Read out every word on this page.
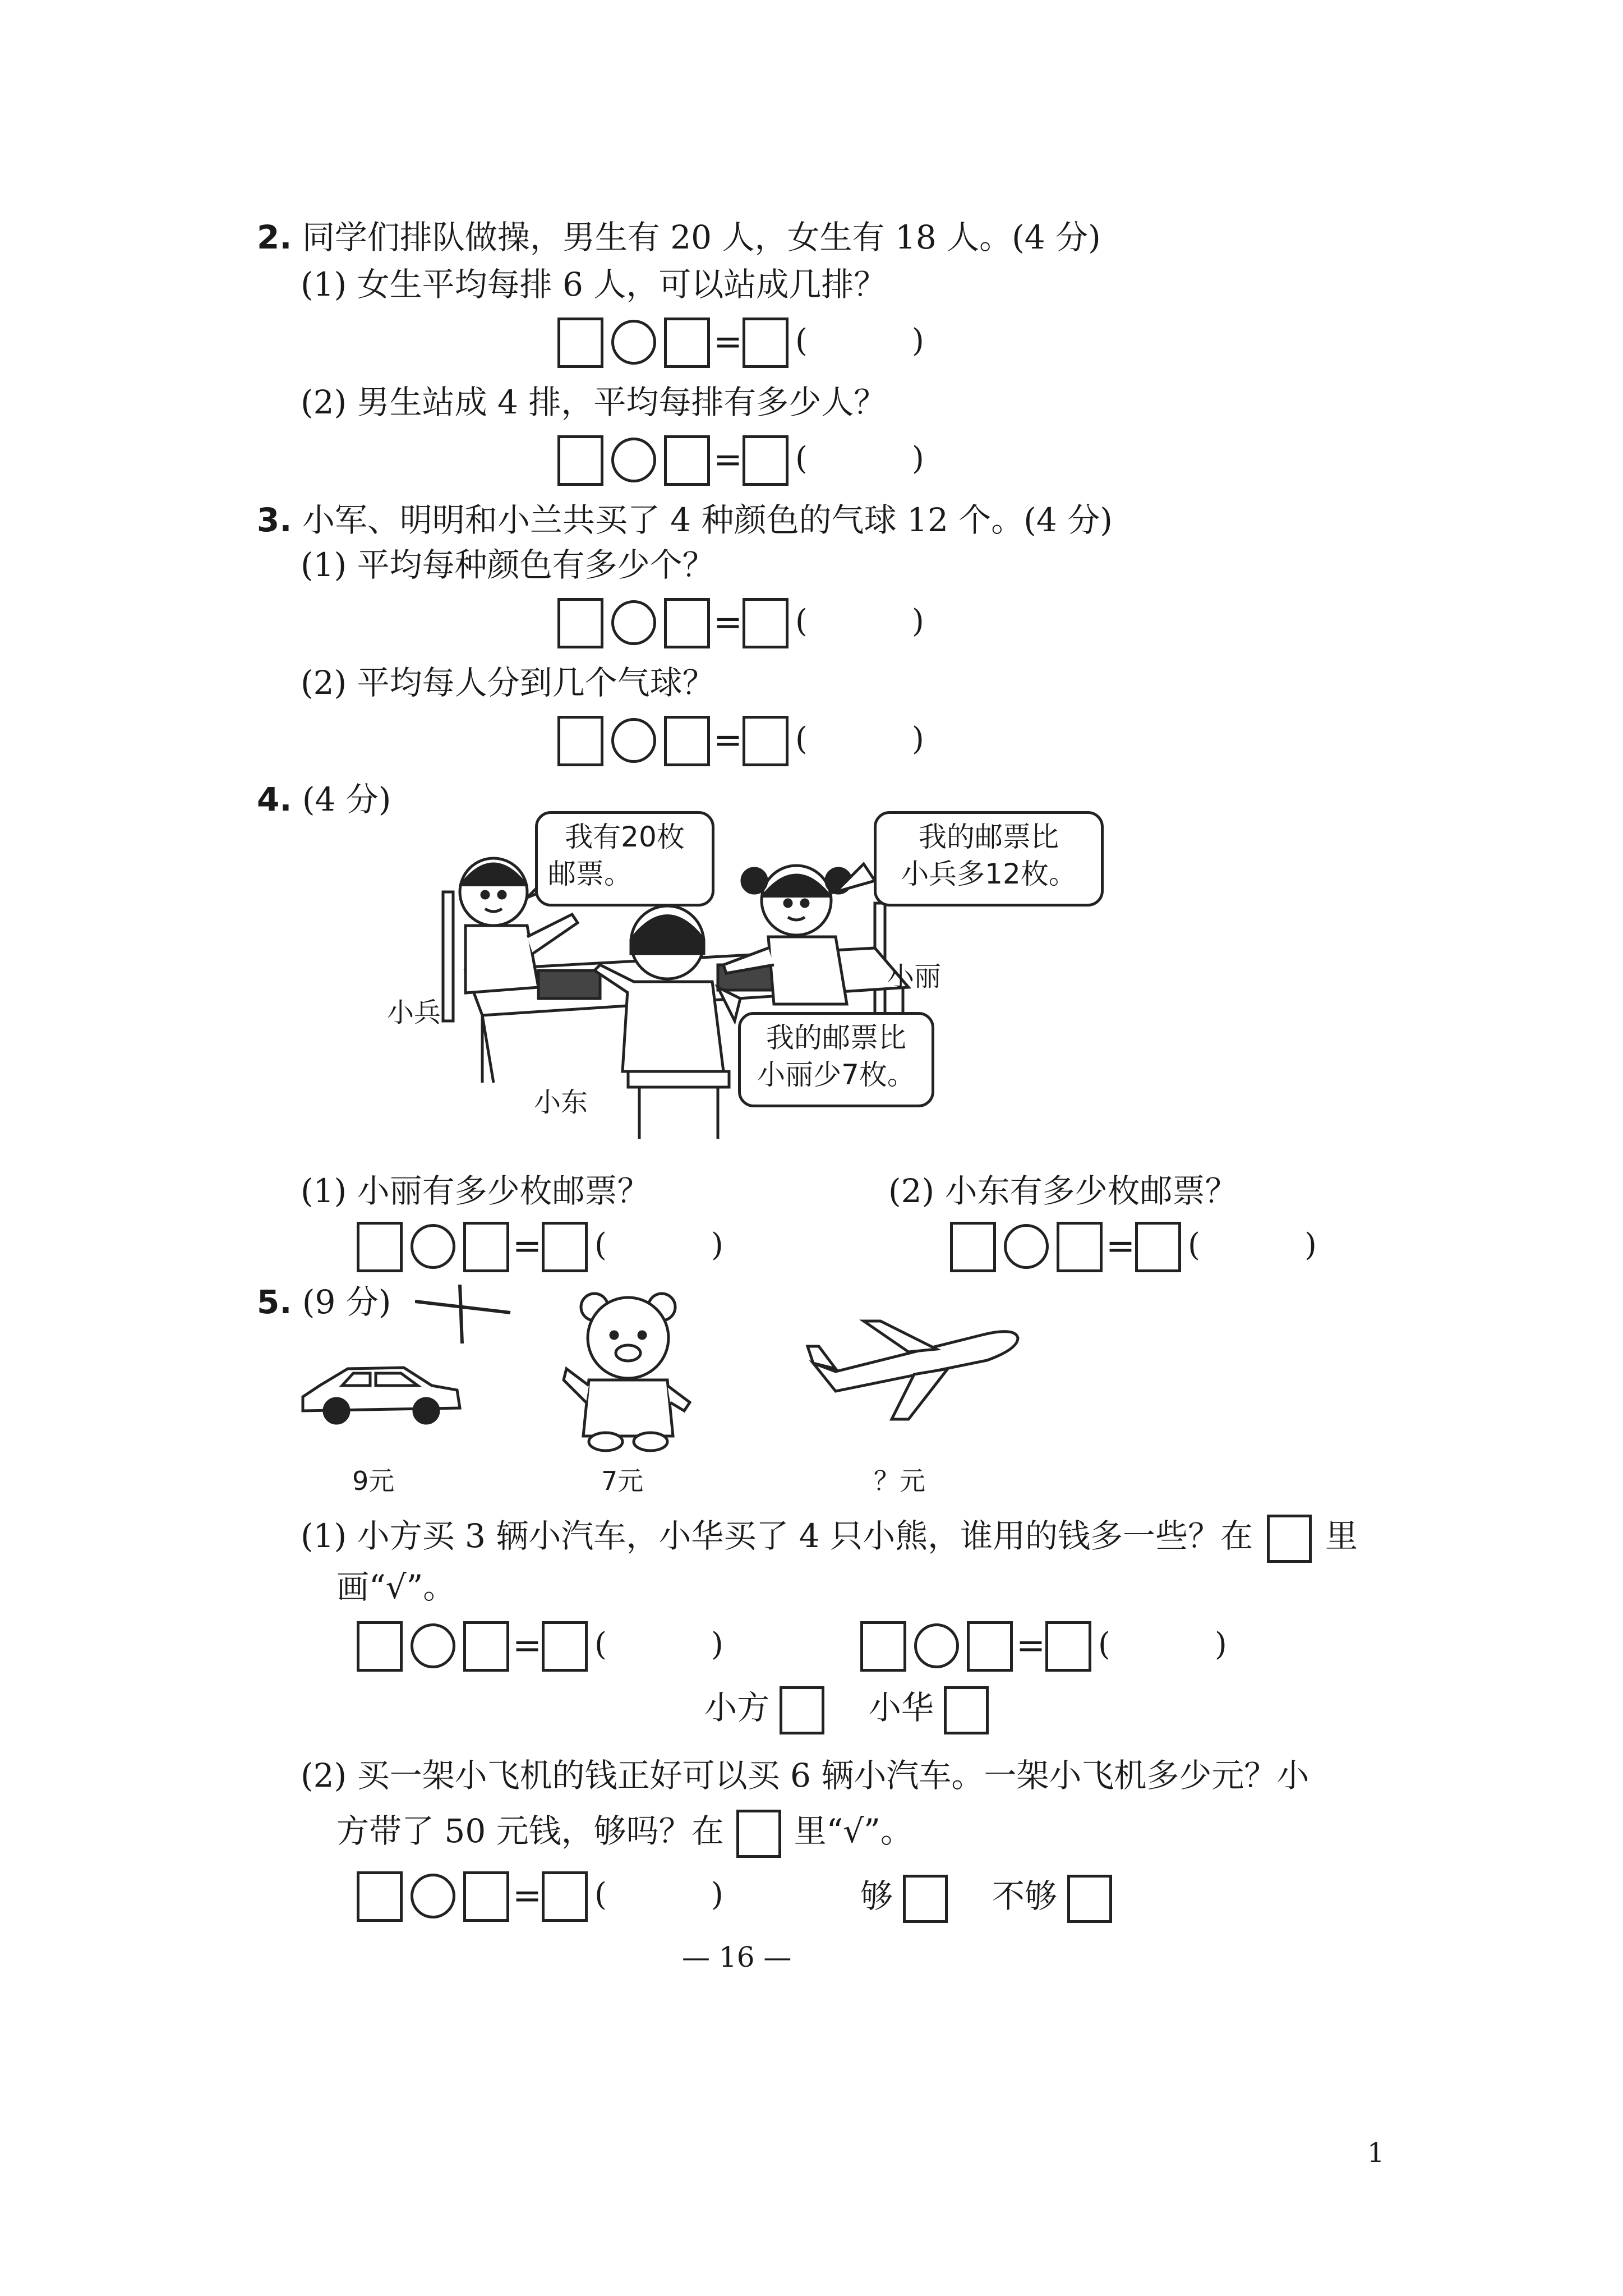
2. 同学们排队做操，男生有 20 人，女生有 18 人。(4 分)
(1) 女生平均每排 6 人，可以站成几排？
= (	)
(2) 男生站成 4 排，平均每排有多少人？
= (	)
3. 小军、明明和小兰共买了 4 种颜色的气球 12 个。(4 分)
(1) 平均每种颜色有多少个？
= (	)
(2) 平均每人分到几个气球？
= (	)
4. (4 分)
我有20枚
邮票。
我的邮票比
小兵多12枚。
我的邮票比
小丽少7枚。
小兵
小丽
小东
(1) 小丽有多少枚邮票？	(2) 小东有多少枚邮票？
= (	)	= (	)
5. (9 分)
9元	7元	？元
(1) 小方买 3 辆小汽车，小华买了 4 只小熊，谁用的钱多一些？在 里
画“√”。
= (	)	= (	)
小方	小华
(2) 买一架小飞机的钱正好可以买 6 辆小汽车。一架小飞机多少元？小
方带了 50 元钱，够吗？在 里“√”。
= (	)	够	不够
— 16 —
1
